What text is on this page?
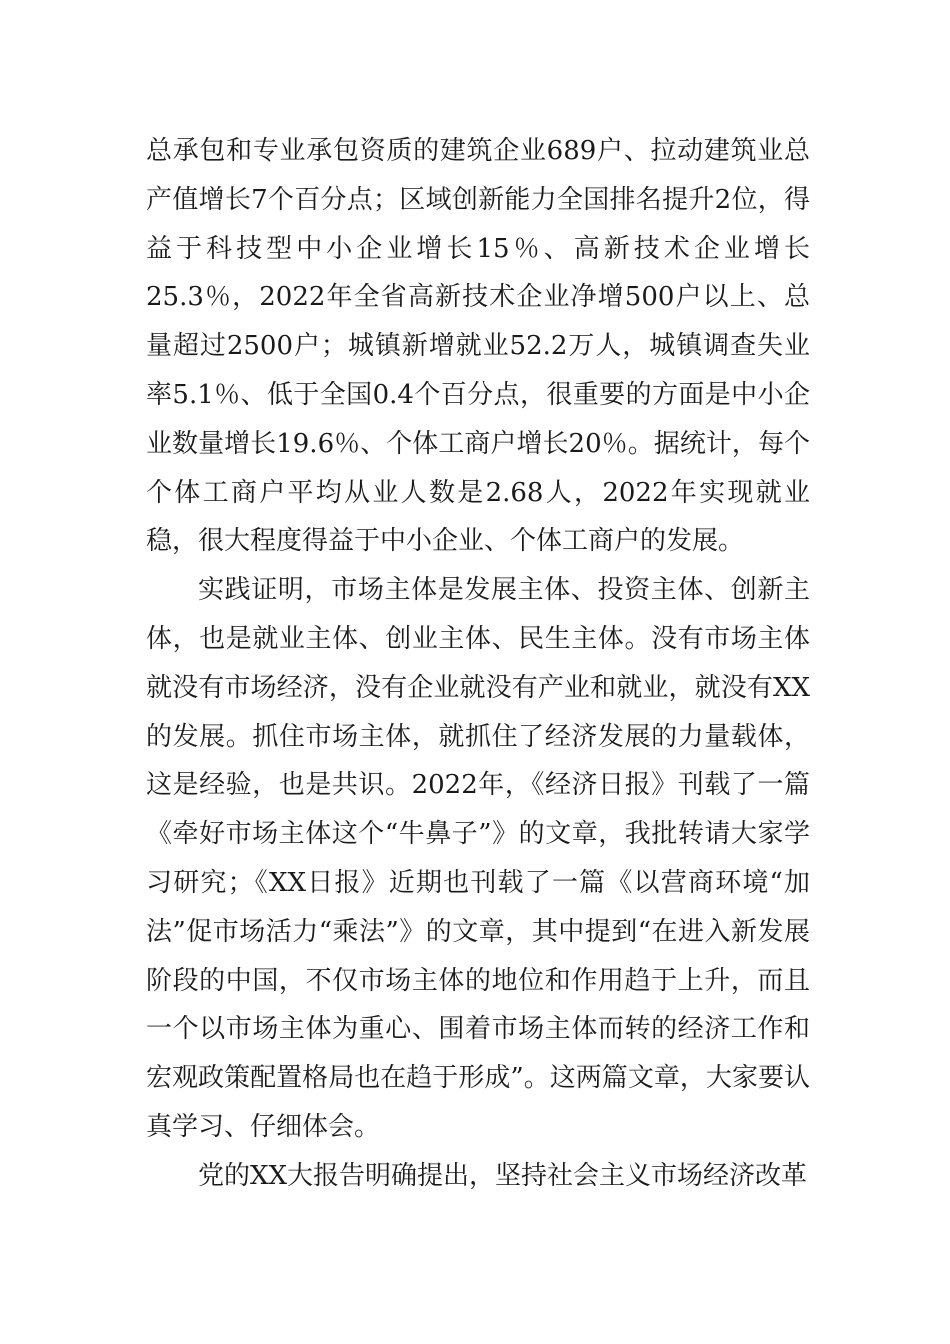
总承包和专业承包资质的建筑企业689户、拉动建筑业总产值增长7个百分点；区域创新能力全国排名提升2位，得益于科技型中小企业增长15％、高新技术企业增长25.3％，2022年全省高新技术企业净增500户以上、总量超过2500户；城镇新增就业52.2万人，城镇调查失业率5.1％、低于全国0.4个百分点，很重要的方面是中小企业数量增长19.6％、个体工商户增长20％。据统计，每个个体工商户平均从业人数是2.68人，2022年实现就业稳，很大程度得益于中小企业、个体工商户的发展。

实践证明，市场主体是发展主体、投资主体、创新主体，也是就业主体、创业主体、民生主体。没有市场主体就没有市场经济，没有企业就没有产业和就业，就没有XX的发展。抓住市场主体，就抓住了经济发展的力量载体，这是经验，也是共识。2022年，《经济日报》刊载了一篇《牵好市场主体这个“牛鼻子”》的文章，我批转请大家学习研究；《XX日报》近期也刊载了一篇《以营商环境“加法”促市场活力“乘法”》的文章，其中提到“在进入新发展阶段的中国，不仅市场主体的地位和作用趋于上升，而且一个以市场主体为重心、围着市场主体而转的经济工作和宏观政策配置格局也在趋于形成”。这两篇文章，大家要认真学习、仔细体会。

党的XX大报告明确提出，坚持社会主义市场经济改革
